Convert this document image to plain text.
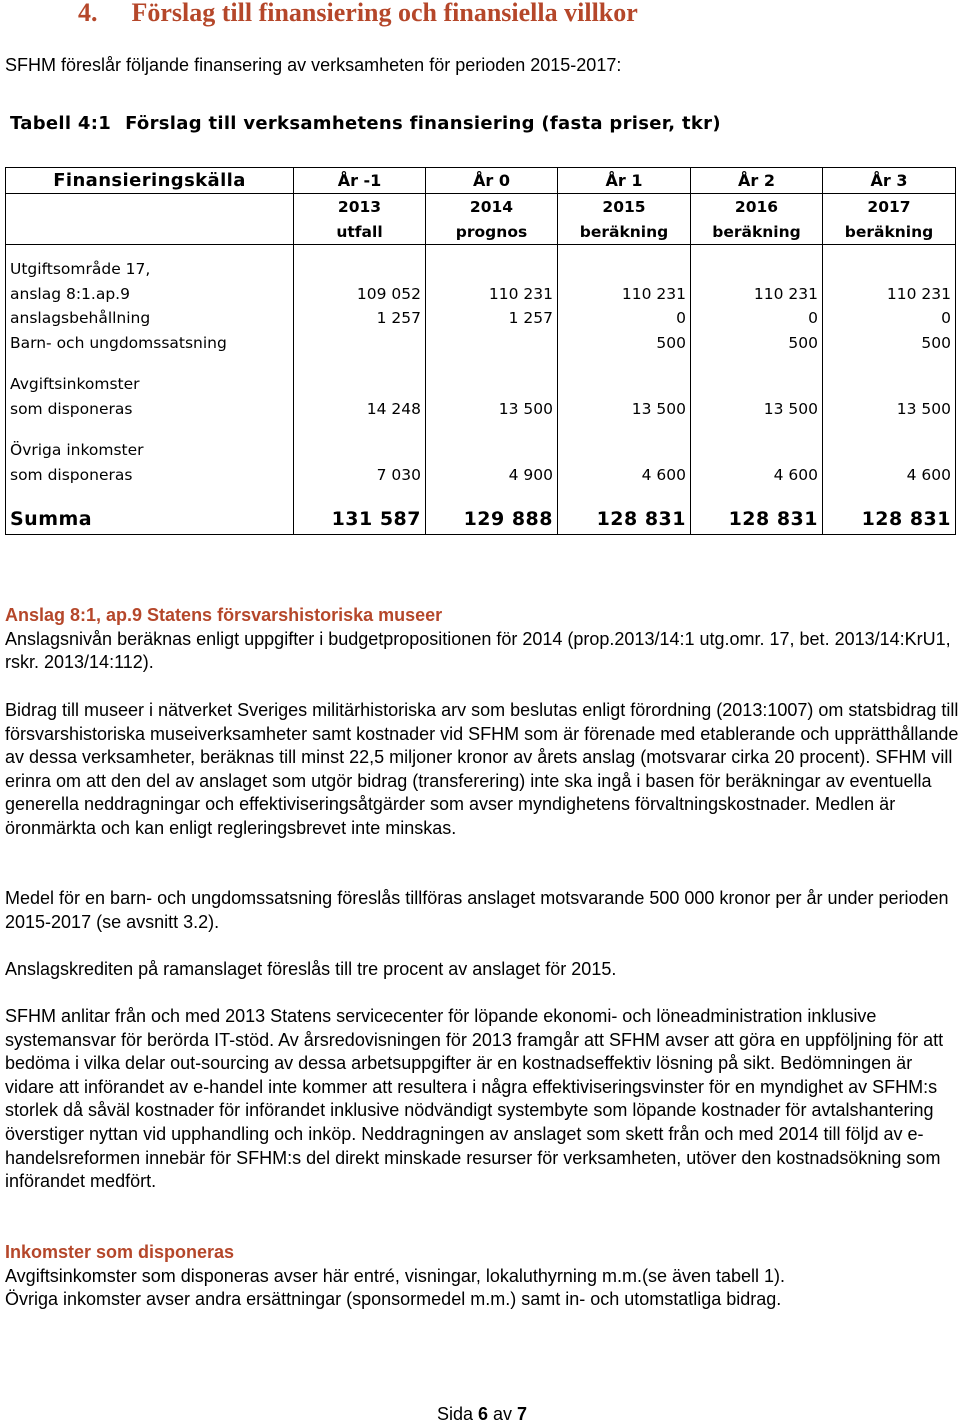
4. Förslag till finansiering och finansiella villkor
SFHM föreslår följande finansering av verksamheten för perioden 2015-2017:
Tabell 4:1 Förslag till verksamhetens finansiering (fasta priser, tkr)
Finansieringskälla	År -1	År 0	År 1	År 2	År 3
	2013	2014	2015	2016	2017
	utfall	prognos	beräkning	beräkning	beräkning

Utgiftsområde 17,					
anslag 8:1.ap.9	109 052	110 231	110 231	110 231	110 231
anslagsbehållning	1 257	1 257	0	0	0
Barn- och ungdomssatsning			500	500	500

Avgiftsinkomster					
som disponeras	14 248	13 500	13 500	13 500	13 500

Övriga inkomster					
som disponeras	7 030	4 900	4 600	4 600	4 600

Summa	131 587	129 888	128 831	128 831	128 831
Anslag 8:1, ap.9 Statens försvarshistoriska museer
Anslagsnivån beräknas enligt uppgifter i budgetpropositionen för 2014 (prop.2013/14:1 utg.omr. 17, bet. 2013/14:KrU1, rskr. 2013/14:112).
Bidrag till museer i nätverket Sveriges militärhistoriska arv som beslutas enligt förordning (2013:1007) om statsbidrag till försvarshistoriska museiverksamheter samt kostnader vid SFHM som är förenade med etablerande och upprätthållande av dessa verksamheter, beräknas till minst 22,5 miljoner kronor av årets anslag (motsvarar cirka 20 procent). SFHM vill erinra om att den del av anslaget som utgör bidrag (transferering) inte ska ingå i basen för beräkningar av eventuella generella neddragningar och effektiviseringsåtgärder som avser myndighetens förvaltningskostnader. Medlen är öronmärkta och kan enligt regleringsbrevet inte minskas.
Medel för en barn- och ungdomssatsning föreslås tillföras anslaget motsvarande 500 000 kronor per år under perioden 2015-2017 (se avsnitt 3.2).
Anslagskrediten på ramanslaget föreslås till tre procent av anslaget för 2015.
SFHM anlitar från och med 2013 Statens servicecenter för löpande ekonomi- och löneadministration inklusive systemansvar för berörda IT-stöd. Av årsredovisningen för 2013 framgår att SFHM avser att göra en uppföljning för att bedöma i vilka delar out-sourcing av dessa arbetsuppgifter är en kostnadseffektiv lösning på sikt. Bedömningen är vidare att införandet av e-handel inte kommer att resultera i några effektiviseringsvinster för en myndighet av SFHM:s storlek då såväl kostnader för införandet inklusive nödvändigt systembyte som löpande kostnader för avtalshantering överstiger nyttan vid upphandling och inköp. Neddragningen av anslaget som skett från och med 2014 till följd av e-handelsreformen innebär för SFHM:s del direkt minskade resurser för verksamheten, utöver den kostnadsökning som införandet medfört.
Inkomster som disponeras
Avgiftsinkomster som disponeras avser här entré, visningar, lokaluthyrning m.m.(se även tabell 1).
Övriga inkomster avser andra ersättningar (sponsormedel m.m.) samt in- och utomstatliga bidrag.
Sida 6 av 7
